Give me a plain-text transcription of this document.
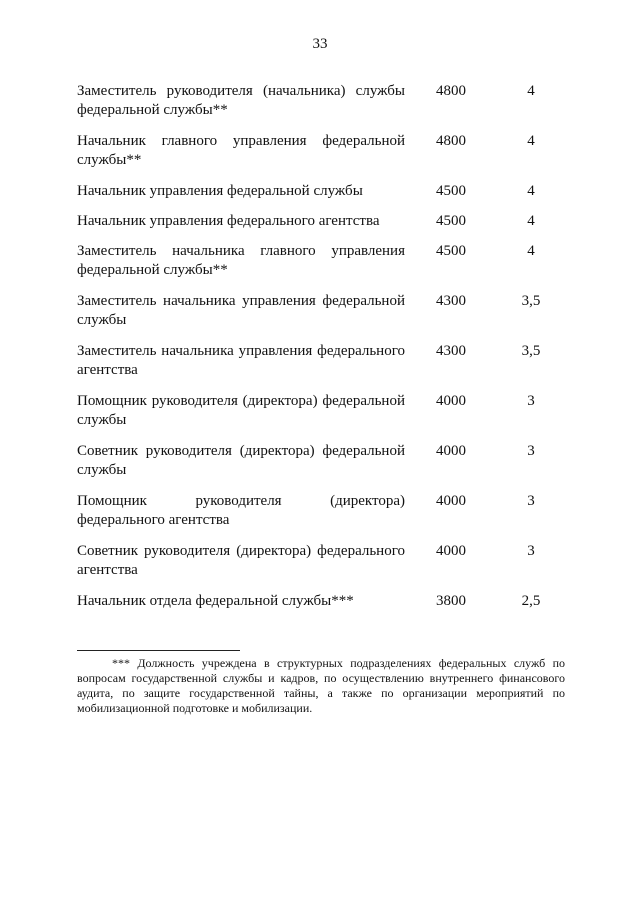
33
Заместитель руководителя (начальника) службы федеральной службы**
4800	4
Начальник главного управления федеральной службы**
4800	4
Начальник управления федеральной службы	4500	4
Начальник управления федерального агентства	4500	4
Заместитель начальника главного управления федеральной службы**
4500	4
Заместитель начальника управления федеральной службы
4300	3,5
Заместитель начальника управления федерального агентства
4300	3,5
Помощник руководителя (директора) федеральной службы
4000	3
Советник руководителя (директора) федеральной службы
4000	3
Помощник руководителя (директора) федерального агентства
4000	3
Советник руководителя (директора) федерального агентства
4000	3
Начальник отдела федеральной службы***	3800	2,5
*** Должность учреждена в структурных подразделениях федеральных служб по вопросам государственной службы и кадров, по осуществлению внутреннего финансового аудита, по защите государственной тайны, а также по организации мероприятий по мобилизационной подготовке и мобилизации.
